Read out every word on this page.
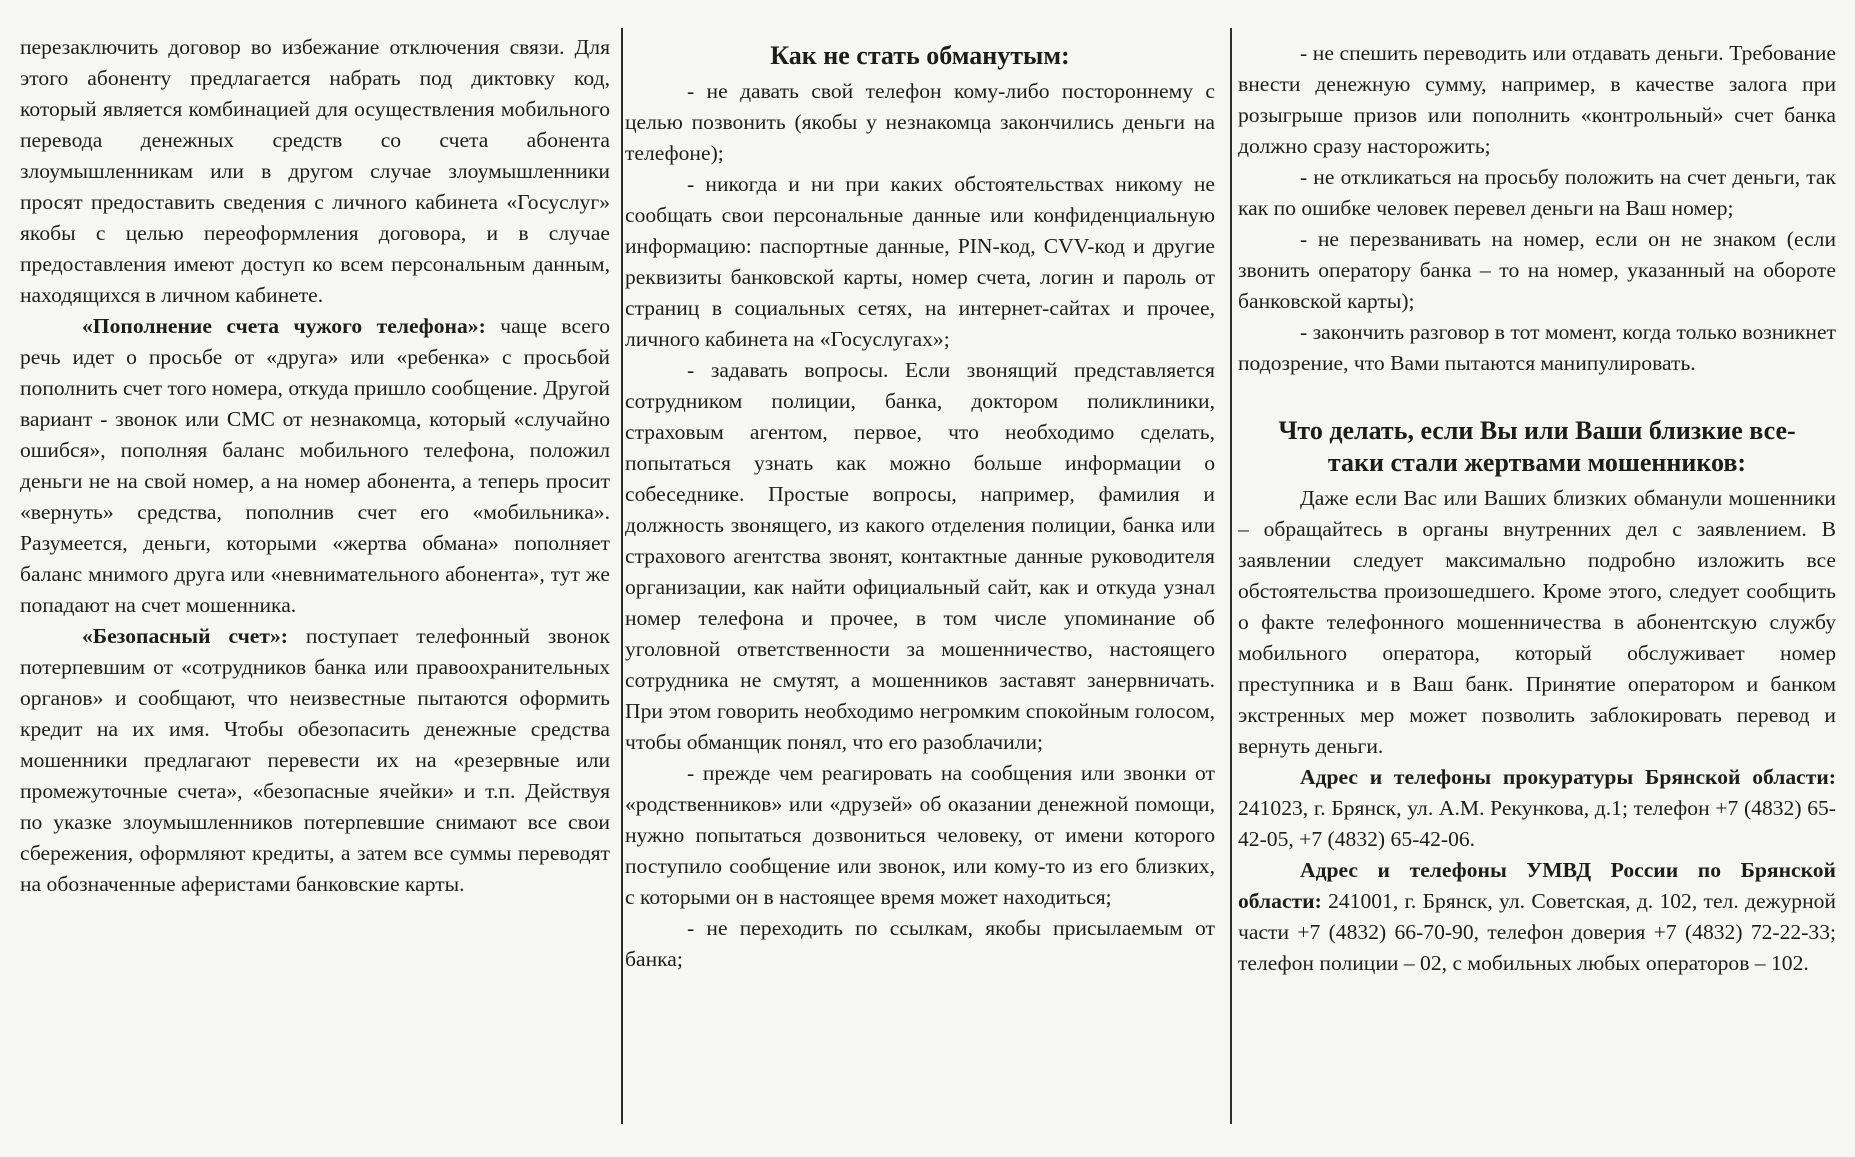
перезаключить договор во избежание отключения связи. Для этого абоненту предлагается набрать под диктовку код, который является комбинацией для осуществления мобильного перевода денежных средств со счета абонента злоумышленникам или в другом случае злоумышленники просят предоставить сведения с личного кабинета «Госуслуг» якобы с целью переоформления договора, и в случае предоставления имеют доступ ко всем персональным данным, находящихся в личном кабинете.

«Пополнение счета чужого телефона»: чаще всего речь идет о просьбе от «друга» или «ребенка» с просьбой пополнить счет того номера, откуда пришло сообщение. Другой вариант - звонок или СМС от незнакомца, который «случайно ошибся», пополняя баланс мобильного телефона, положил деньги не на свой номер, а на номер абонента, а теперь просит «вернуть» средства, пополнив счет его «мобильника». Разумеется, деньги, которыми «жертва обмана» пополняет баланс мнимого друга или «невнимательного абонента», тут же попадают на счет мошенника.

«Безопасный счет»: поступает телефонный звонок потерпевшим от «сотрудников банка или правоохранительных органов» и сообщают, что неизвестные пытаются оформить кредит на их имя. Чтобы обезопасить денежные средства мошенники предлагают перевести их на «резервные или промежуточные счета», «безопасные ячейки» и т.п. Действуя по указке злоумышленников потерпевшие снимают все свои сбережения, оформляют кредиты, а затем все суммы переводят на обозначенные аферистами банковские карты.

Как не стать обманутым:

- не давать свой телефон кому-либо постороннему с целью позвонить (якобы у незнакомца закончились деньги на телефоне);

- никогда и ни при каких обстоятельствах никому не сообщать свои персональные данные или конфиденциальную информацию: паспортные данные, PIN-код, CVV-код и другие реквизиты банковской карты, номер счета, логин и пароль от страниц в социальных сетях, на интернет-сайтах и прочее, личного кабинета на «Госуслугах»;

- задавать вопросы. Если звонящий представляется сотрудником полиции, банка, доктором поликлиники, страховым агентом, первое, что необходимо сделать, попытаться узнать как можно больше информации о собеседнике. Простые вопросы, например, фамилия и должность звонящего, из какого отделения полиции, банка или страхового агентства звонят, контактные данные руководителя организации, как найти официальный сайт, как и откуда узнал номер телефона и прочее, в том числе упоминание об уголовной ответственности за мошенничество, настоящего сотрудника не смутят, а мошенников заставят занервничать. При этом говорить необходимо негромким спокойным голосом, чтобы обманщик понял, что его разоблачили;

- прежде чем реагировать на сообщения или звонки от «родственников» или «друзей» об оказании денежной помощи, нужно попытаться дозвониться человеку, от имени которого поступило сообщение или звонок, или кому-то из его близких, с которыми он в настоящее время может находиться;

- не переходить по ссылкам, якобы присылаемым от банка;

- не спешить переводить или отдавать деньги. Требование внести денежную сумму, например, в качестве залога при розыгрыше призов или пополнить «контрольный» счет банка должно сразу насторожить;

- не откликаться на просьбу положить на счет деньги, так как по ошибке человек перевел деньги на Ваш номер;

- не перезванивать на номер, если он не знаком (если звонить оператору банка – то на номер, указанный на обороте банковской карты);

- закончить разговор в тот момент, когда только возникнет подозрение, что Вами пытаются манипулировать.

Что делать, если Вы или Ваши близкие все-таки стали жертвами мошенников:

Даже если Вас или Ваших близких обманули мошенники – обращайтесь в органы внутренних дел с заявлением. В заявлении следует максимально подробно изложить все обстоятельства произошедшего. Кроме этого, следует сообщить о факте телефонного мошенничества в абонентскую службу мобильного оператора, который обслуживает номер преступника и в Ваш банк. Принятие оператором и банком экстренных мер может позволить заблокировать перевод и вернуть деньги.

Адрес и телефоны прокуратуры Брянской области: 241023, г. Брянск, ул. А.М. Рекункова, д.1; телефон +7 (4832) 65-42-05, +7 (4832) 65-42-06.

Адрес и телефоны УМВД России по Брянской области: 241001, г. Брянск, ул. Советская, д. 102, тел. дежурной части +7 (4832) 66-70-90, телефон доверия +7 (4832) 72-22-33; телефон полиции – 02, с мобильных любых операторов – 102.
